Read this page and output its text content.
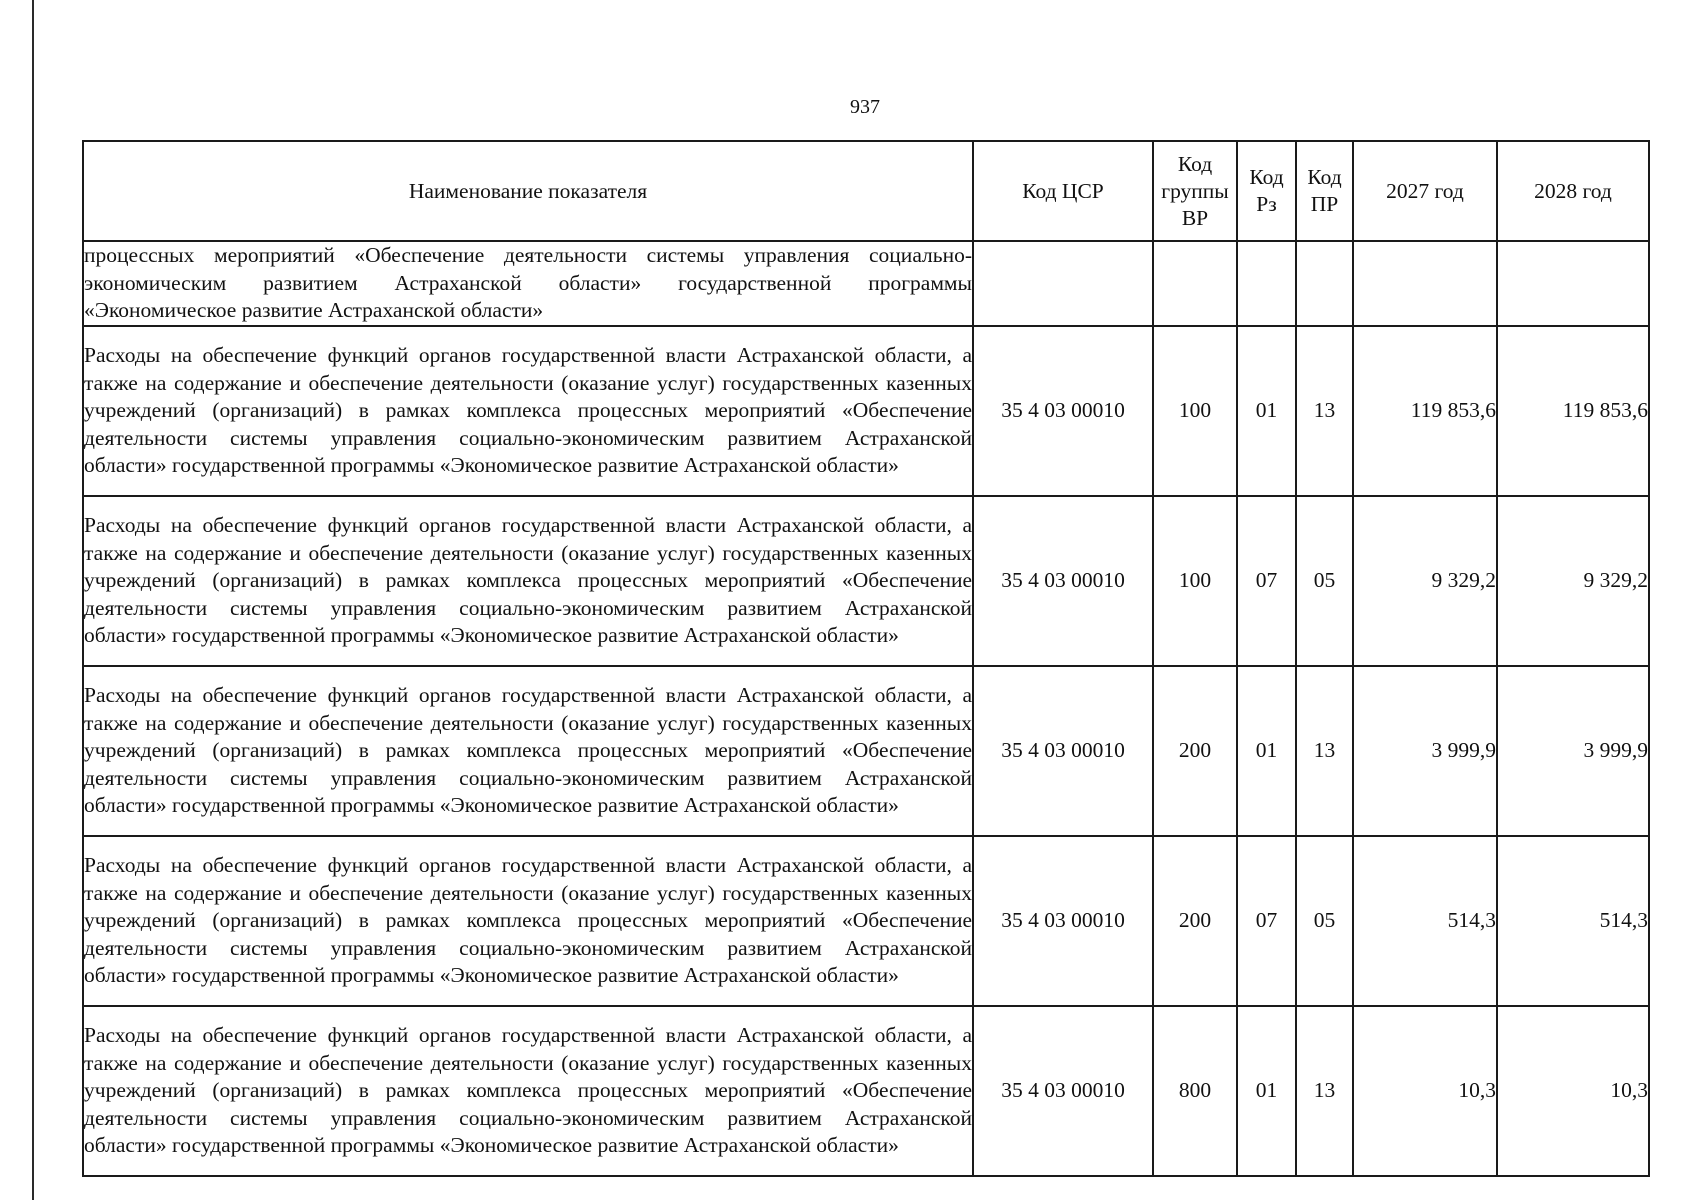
937
Наименование показателя	Код ЦСР	Код группы ВР	Код Рз	Код ПР	2027 год	2028 год
процессных мероприятий «Обеспечение деятельности системы управления социально-экономическим развитием Астраханской области» государственной программы «Экономическое развитие Астраханской области»						
Расходы на обеспечение функций органов государственной власти Астраханской области, а также на содержание и обеспечение деятельности (оказание услуг) государственных казенных учреждений (организаций) в рамках комплекса процессных мероприятий «Обеспечение деятельности системы управления социально-экономическим развитием Астраханской области» государственной программы «Экономическое развитие Астраханской области»	35 4 03 00010	100	01	13	119 853,6	119 853,6
Расходы на обеспечение функций органов государственной власти Астраханской области, а также на содержание и обеспечение деятельности (оказание услуг) государственных казенных учреждений (организаций) в рамках комплекса процессных мероприятий «Обеспечение деятельности системы управления социально-экономическим развитием Астраханской области» государственной программы «Экономическое развитие Астраханской области»	35 4 03 00010	100	07	05	9 329,2	9 329,2
Расходы на обеспечение функций органов государственной власти Астраханской области, а также на содержание и обеспечение деятельности (оказание услуг) государственных казенных учреждений (организаций) в рамках комплекса процессных мероприятий «Обеспечение деятельности системы управления социально-экономическим развитием Астраханской области» государственной программы «Экономическое развитие Астраханской области»	35 4 03 00010	200	01	13	3 999,9	3 999,9
Расходы на обеспечение функций органов государственной власти Астраханской области, а также на содержание и обеспечение деятельности (оказание услуг) государственных казенных учреждений (организаций) в рамках комплекса процессных мероприятий «Обеспечение деятельности системы управления социально-экономическим развитием Астраханской области» государственной программы «Экономическое развитие Астраханской области»	35 4 03 00010	200	07	05	514,3	514,3
Расходы на обеспечение функций органов государственной власти Астраханской области, а также на содержание и обеспечение деятельности (оказание услуг) государственных казенных учреждений (организаций) в рамках комплекса процессных мероприятий «Обеспечение деятельности системы управления социально-экономическим развитием Астраханской области» государственной программы «Экономическое развитие Астраханской области»	35 4 03 00010	800	01	13	10,3	10,3
